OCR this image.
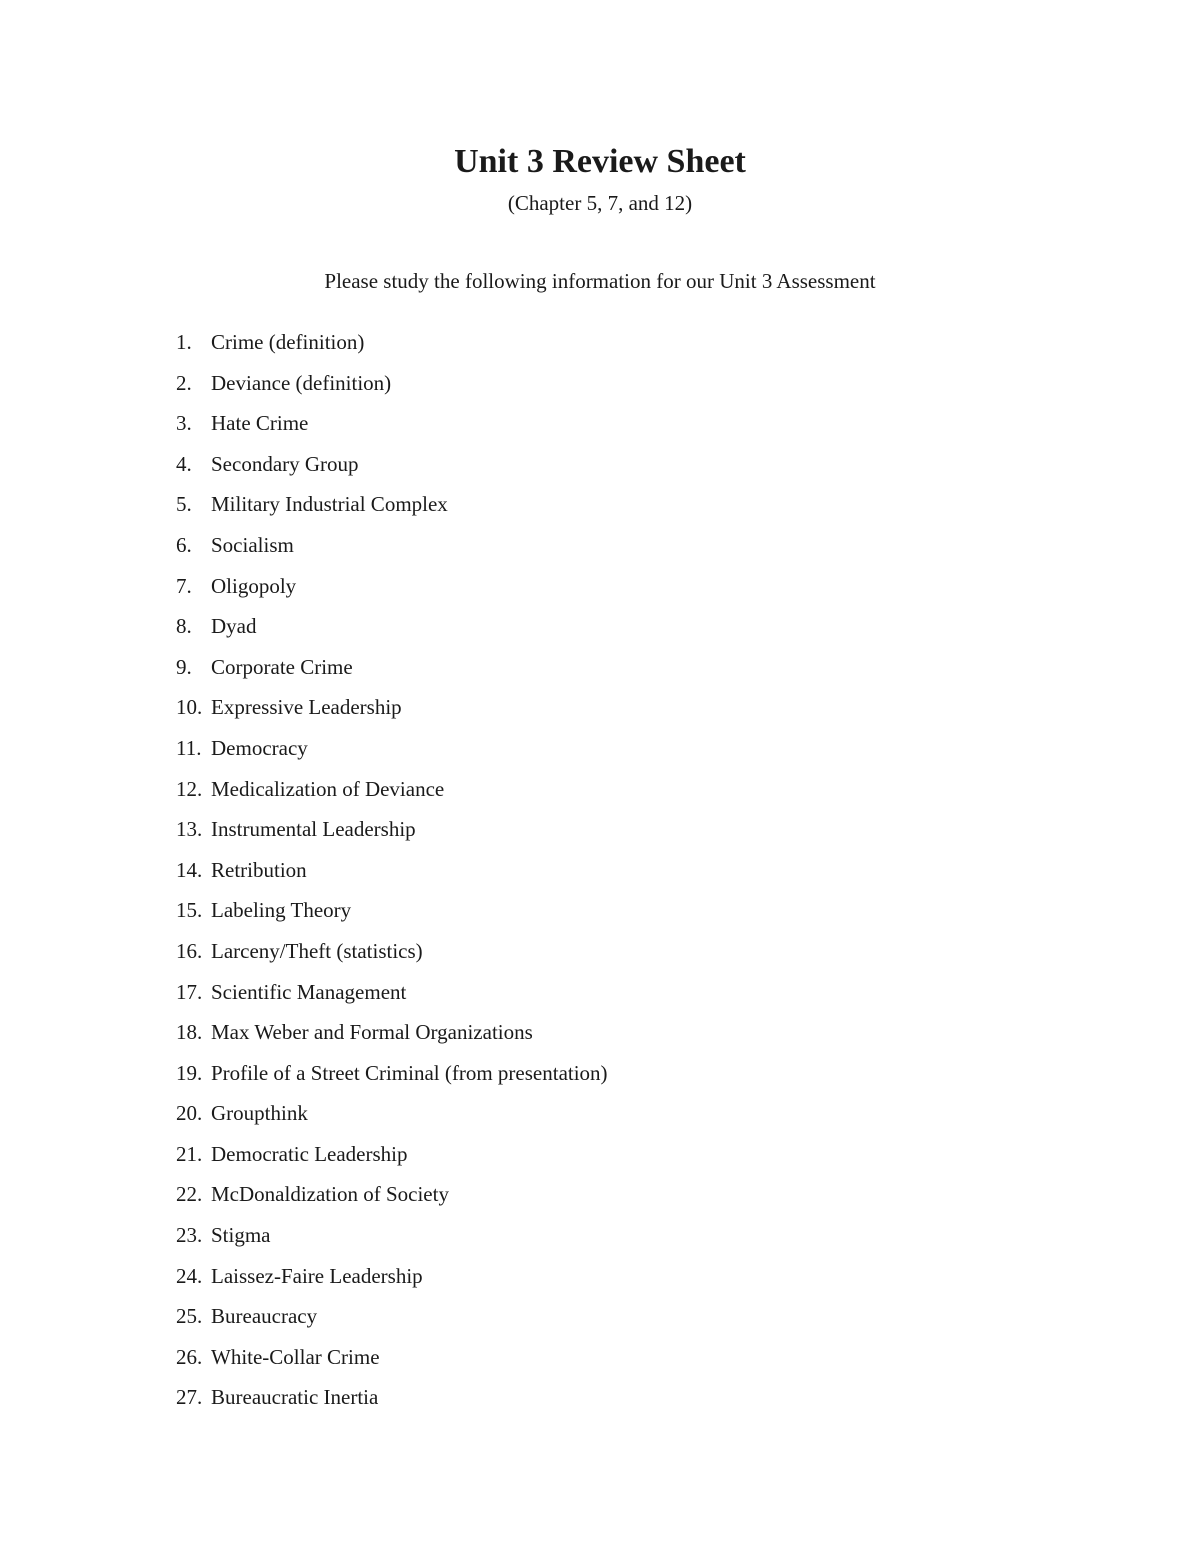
Unit 3 Review Sheet

(Chapter 5, 7, and 12)

Please study the following information for our Unit 3 Assessment

1. Crime (definition)
2. Deviance (definition)
3. Hate Crime
4. Secondary Group
5. Military Industrial Complex
6. Socialism
7. Oligopoly
8. Dyad
9. Corporate Crime
10. Expressive Leadership
11. Democracy
12. Medicalization of Deviance
13. Instrumental Leadership
14. Retribution
15. Labeling Theory
16. Larceny/Theft (statistics)
17. Scientific Management
18. Max Weber and Formal Organizations
19. Profile of a Street Criminal (from presentation)
20. Groupthink
21. Democratic Leadership
22. McDonaldization of Society
23. Stigma
24. Laissez-Faire Leadership
25. Bureaucracy
26. White-Collar Crime
27. Bureaucratic Inertia
